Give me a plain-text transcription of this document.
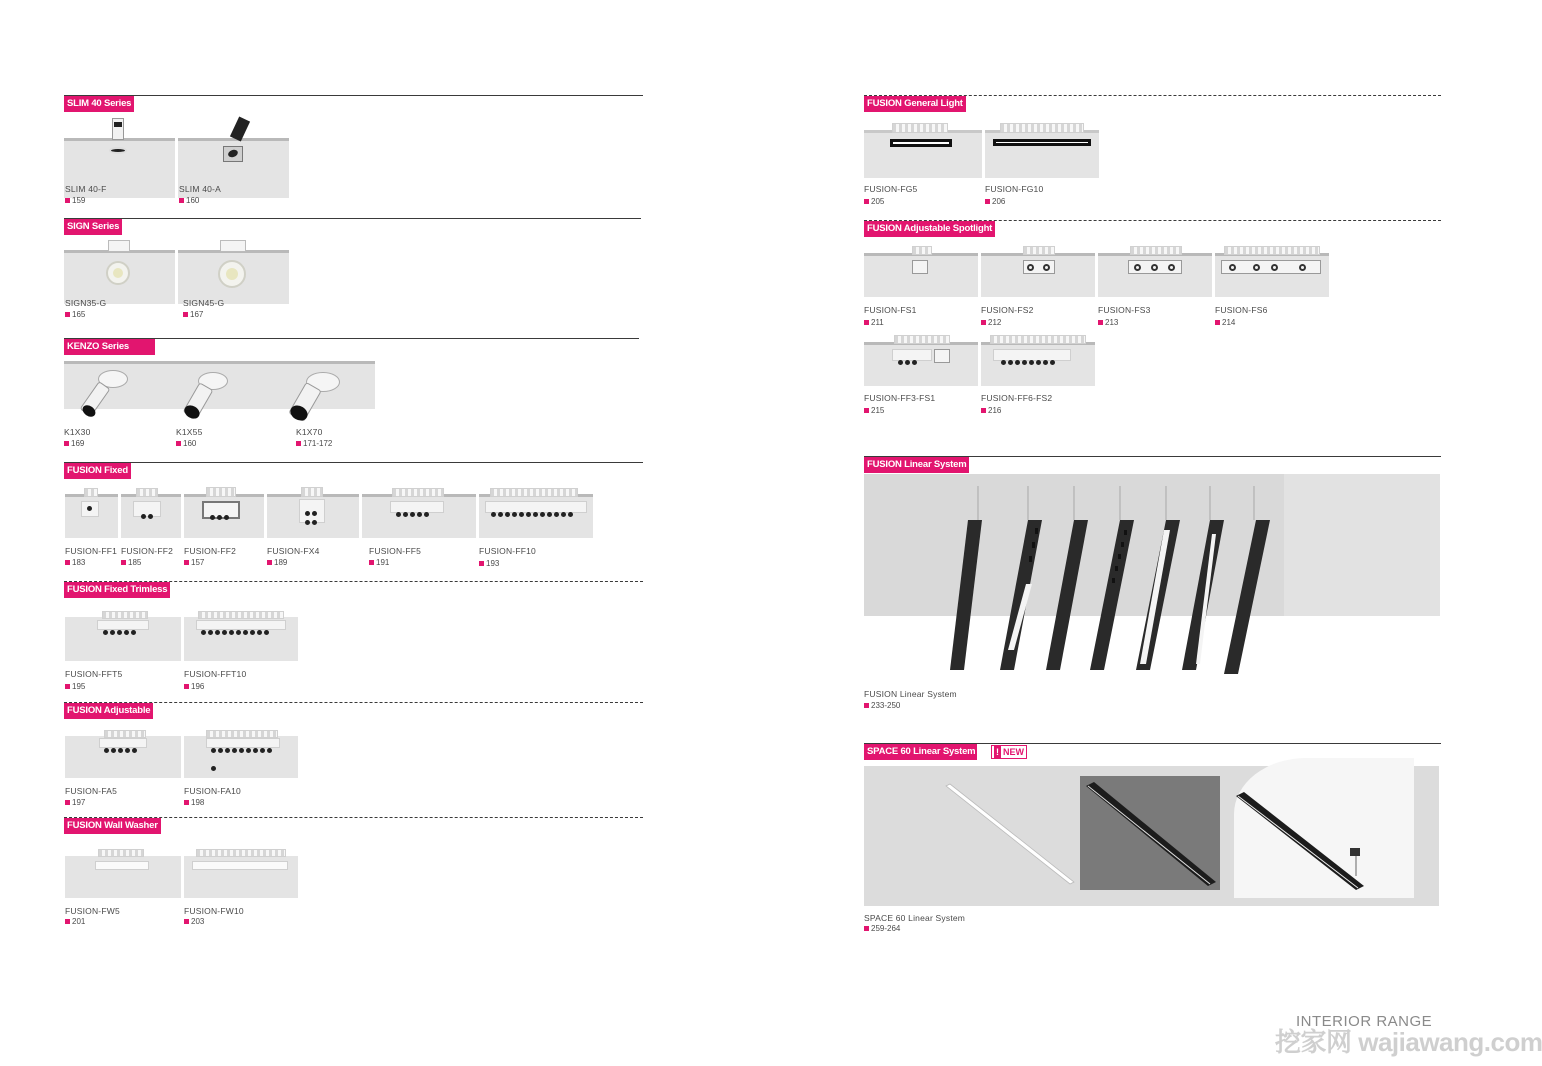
SLIM 40 Series
SLIM 40-F
159
SLIM 40-A
160
SIGN Series
SIGN35-G
165
SIGN45-G
167
KENZO Series
K1X30
169
K1X55
160
K1X70
171-172
FUSION Fixed
FUSION-FF1
183
FUSION-FF2
185
FUSION-FF2
157
FUSION-FX4
189
FUSION-FF5
191
FUSION-FF10
193
FUSION Fixed Trimless
FUSION-FFT5
195
FUSION-FFT10
196
FUSION Adjustable
FUSION-FA5
197
FUSION-FA10
198
FUSION Wall Washer
FUSION-FW5
201
FUSION-FW10
203
FUSION General Light
FUSION-FG5
205
FUSION-FG10
206
FUSION Adjustable Spotlight
FUSION-FS1
211
FUSION-FS2
212
FUSION-FS3
213
FUSION-FS6
214
FUSION-FF3-FS1
215
FUSION-FF6-FS2
216
FUSION Linear System
FUSION Linear System
233-250
SPACE 60 Linear System	! NEW
SPACE 60 Linear System
259-264
INTERIOR RANGE
挖家网 wajiawang.com
